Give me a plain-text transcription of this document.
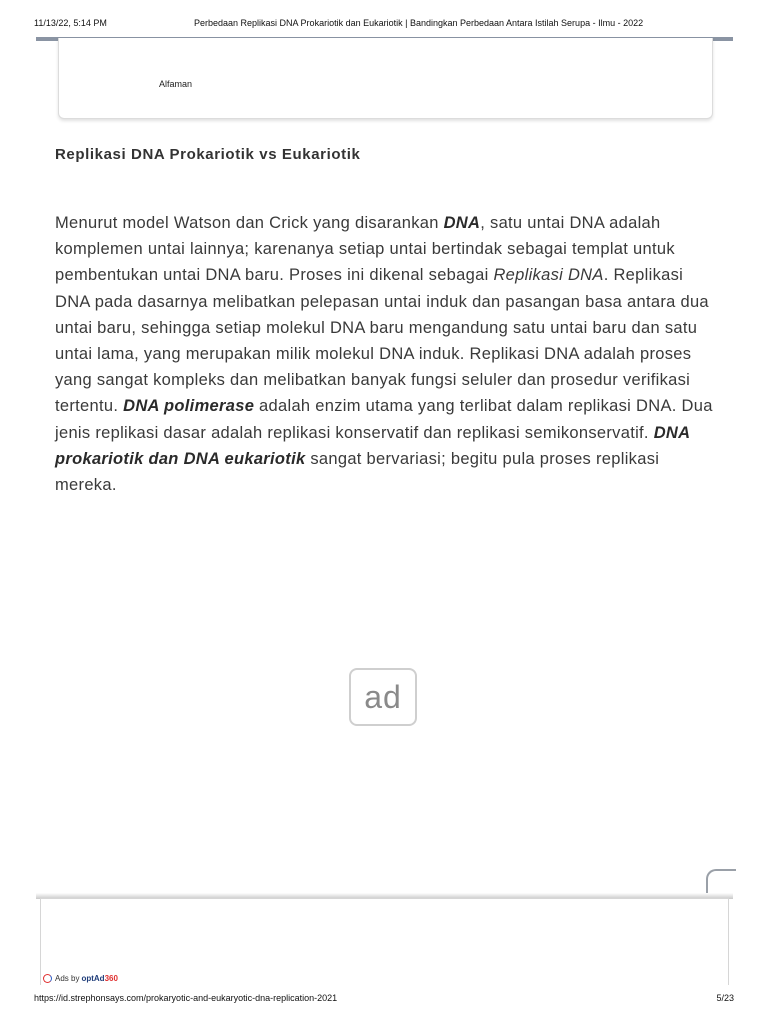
11/13/22, 5:14 PM	Perbedaan Replikasi DNA Prokariotik dan Eukariotik | Bandingkan Perbedaan Antara Istilah Serupa - Ilmu - 2022
Alfaman
Replikasi DNA Prokariotik vs Eukariotik

Menurut model Watson dan Crick yang disarankan DNA, satu untai DNA adalah komplemen untai lainnya; karenanya setiap untai bertindak sebagai templat untuk pembentukan untai DNA baru. Proses ini dikenal sebagai Replikasi DNA. Replikasi DNA pada dasarnya melibatkan pelepasan untai induk dan pasangan basa antara dua untai baru, sehingga setiap molekul DNA baru mengandung satu untai baru dan satu untai lama, yang merupakan milik molekul DNA induk. Replikasi DNA adalah proses yang sangat kompleks dan melibatkan banyak fungsi seluler dan prosedur verifikasi tertentu. DNA polimerase adalah enzim utama yang terlibat dalam replikasi DNA. Dua jenis replikasi dasar adalah replikasi konservatif dan replikasi semikonservatif. DNA prokariotik dan DNA eukariotik sangat bervariasi; begitu pula proses replikasi mereka.

ad
Ads by optAd360
https://id.strephonsays.com/prokaryotic-and-eukaryotic-dna-replication-2021	5/23
